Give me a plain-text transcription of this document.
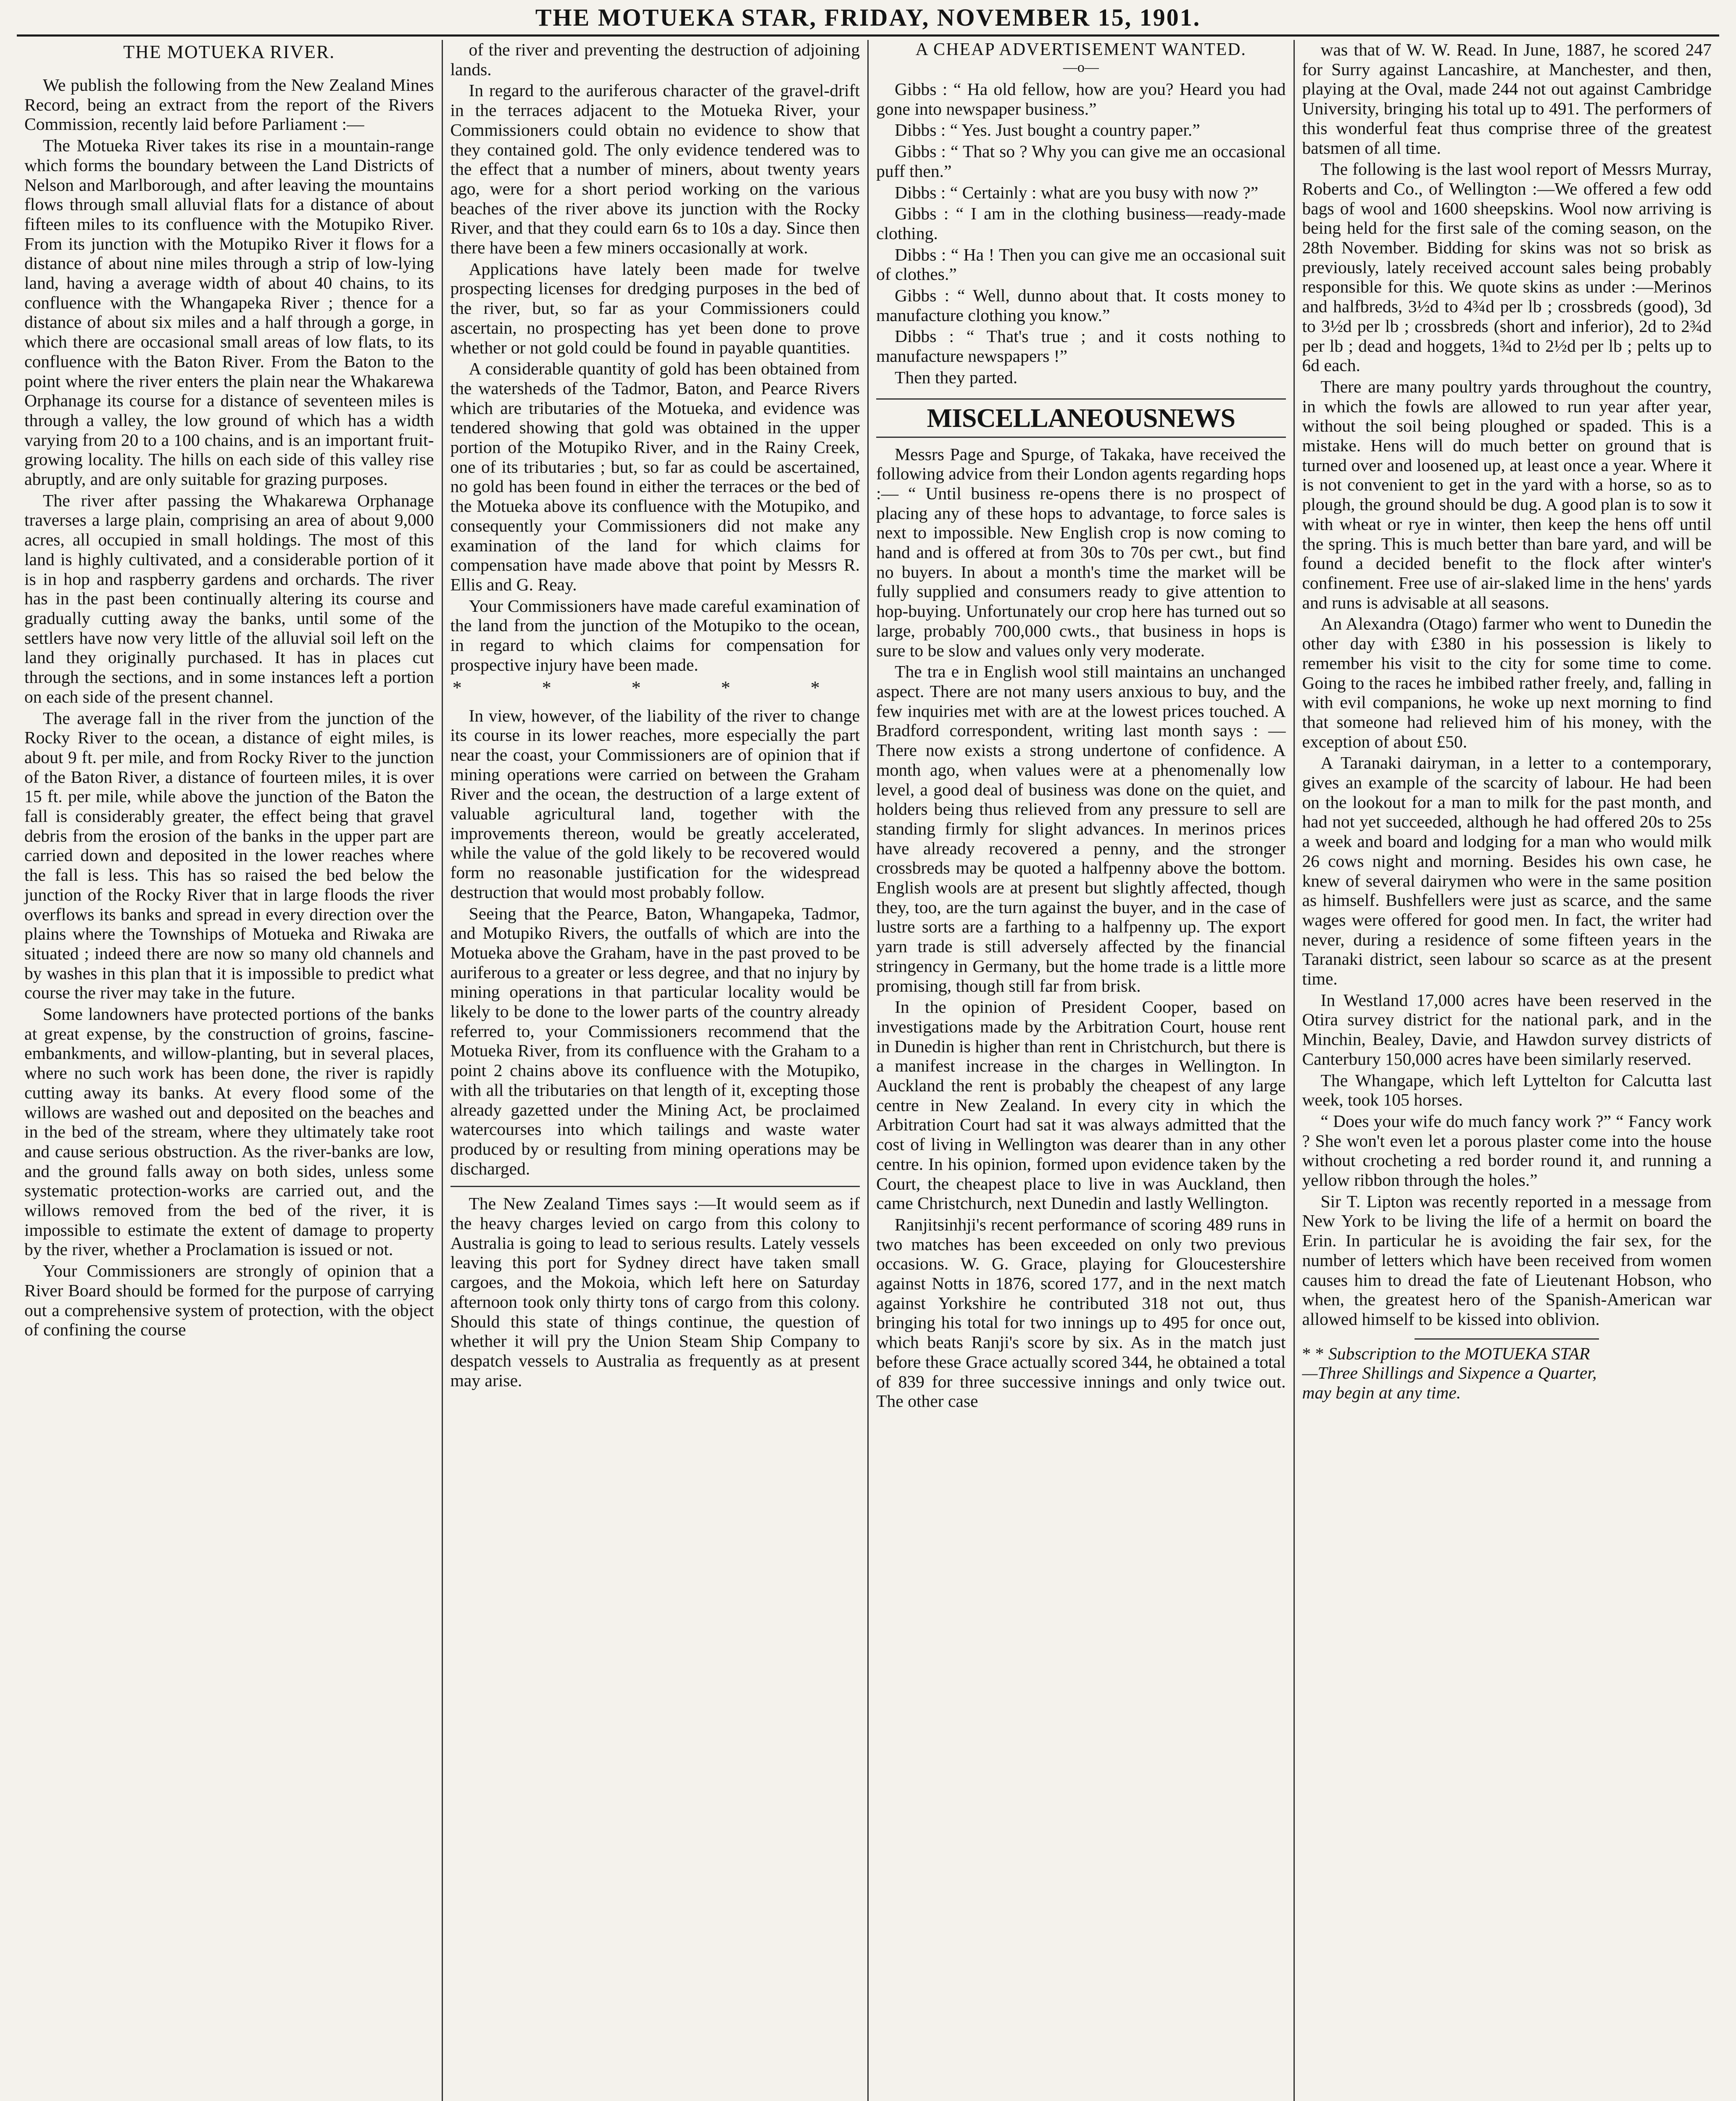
THE MOTUEKA STAR, FRIDAY, NOVEMBER 15, 1901.
THE MOTUEKA RIVER.

We publish the following from the New Zealand Mines Record, being an extract from the report of the Rivers Commission, recently laid before Parliament :—

The Motueka River takes its rise in a mountain-range which forms the boundary between the Land Districts of Nelson and Marlborough, and after leaving the mountains flows through small alluvial flats for a distance of about fifteen miles to its confluence with the Motupiko River. From its junction with the Motupiko River it flows for a distance of about nine miles through a strip of low-lying land, having a average width of about 40 chains, to its confluence with the Whangapeka River ; thence for a distance of about six miles and a half through a gorge, in which there are occasional small areas of low flats, to its confluence with the Baton River. From the Baton to the point where the river enters the plain near the Whakarewa Orphanage its course for a distance of seventeen miles is through a valley, the low ground of which has a width varying from 20 to a 100 chains, and is an important fruit-growing locality. The hills on each side of this valley rise abruptly, and are only suitable for grazing purposes.

The river after passing the Whakarewa Orphanage traverses a large plain, comprising an area of about 9,000 acres, all occupied in small holdings. The most of this land is highly cultivated, and a considerable portion of it is in hop and raspberry gardens and orchards. The river has in the past been continually altering its course and gradually cutting away the banks, until some of the settlers have now very little of the alluvial soil left on the land they originally purchased. It has in places cut through the sections, and in some instances left a portion on each side of the present channel.

The average fall in the river from the junction of the Rocky River to the ocean, a distance of eight miles, is about 9 ft. per mile, and from Rocky River to the junction of the Baton River, a distance of fourteen miles, it is over 15 ft. per mile, while above the junction of the Baton the fall is considerably greater, the effect being that gravel debris from the erosion of the banks in the upper part are carried down and deposited in the lower reaches where the fall is less. This has so raised the bed below the junction of the Rocky River that in large floods the river overflows its banks and spread in every direction over the plains where the Townships of Motueka and Riwaka are situated ; indeed there are now so many old channels and by washes in this plan that it is impossible to predict what course the river may take in the future.

Some landowners have protected portions of the banks at great expense, by the construction of groins, fascine-embankments, and willow-planting, but in several places, where no such work has been done, the river is rapidly cutting away its banks. At every flood some of the willows are washed out and deposited on the beaches and in the bed of the stream, where they ultimately take root and cause serious obstruction. As the river-banks are low, and the ground falls away on both sides, unless some systematic protection-works are carried out, and the willows removed from the bed of the river, it is impossible to estimate the extent of damage to property by the river, whether a Proclamation is issued or not.

Your Commissioners are strongly of opinion that a River Board should be formed for the purpose of carrying out a comprehensive system of protection, with the object of confining the course

of the river and preventing the destruction of adjoining lands.

In regard to the auriferous character of the gravel-drift in the terraces adjacent to the Motueka River, your Commissioners could obtain no evidence to show that they contained gold. The only evidence tendered was to the effect that a number of miners, about twenty years ago, were for a short period working on the various beaches of the river above its junction with the Rocky River, and that they could earn 6s to 10s a day. Since then there have been a few miners occasionally at work.

Applications have lately been made for twelve prospecting licenses for dredging purposes in the bed of the river, but, so far as your Commissioners could ascertain, no prospecting has yet been done to prove whether or not gold could be found in payable quantities.

A considerable quantity of gold has been obtained from the watersheds of the Tadmor, Baton, and Pearce Rivers which are tributaries of the Motueka, and evidence was tendered showing that gold was obtained in the upper portion of the Motupiko River, and in the Rainy Creek, one of its tributaries ; but, so far as could be ascertained, no gold has been found in either the terraces or the bed of the Motueka above its confluence with the Motupiko, and consequently your Commissioners did not make any examination of the land for which claims for compensation have made above that point by Messrs R. Ellis and G. Reay.

Your Commissioners have made careful examination of the land from the junction of the Motupiko to the ocean, in regard to which claims for compensation for prospective injury have been made.

* * * * *

In view, however, of the liability of the river to change its course in its lower reaches, more especially the part near the coast, your Commissioners are of opinion that if mining operations were carried on between the Graham River and the ocean, the destruction of a large extent of valuable agricultural land, together with the improvements thereon, would be greatly accelerated, while the value of the gold likely to be recovered would form no reasonable justification for the widespread destruction that would most probably follow.

Seeing that the Pearce, Baton, Whangapeka, Tadmor, and Motupiko Rivers, the outfalls of which are into the Motueka above the Graham, have in the past proved to be auriferous to a greater or less degree, and that no injury by mining operations in that particular locality would be likely to be done to the lower parts of the country already referred to, your Commissioners recommend that the Motueka River, from its confluence with the Graham to a point 2 chains above its confluence with the Motupiko, with all the tributaries on that length of it, excepting those already gazetted under the Mining Act, be proclaimed watercourses into which tailings and waste water produced by or resulting from mining operations may be discharged.

The New Zealand Times says :—It would seem as if the heavy charges levied on cargo from this colony to Australia is going to lead to serious results. Lately vessels leaving this port for Sydney direct have taken small cargoes, and the Mokoia, which left here on Saturday afternoon took only thirty tons of cargo from this colony. Should this state of things continue, the question of whether it will pry the Union Steam Ship Company to despatch vessels to Australia as frequently as at present may arise.

A CHEAP ADVERTISEMENT WANTED.
—o—

Gibbs : “ Ha old fellow, how are you? Heard you had gone into newspaper business.”

Dibbs : “ Yes. Just bought a country paper.”

Gibbs : “ That so ? Why you can give me an occasional puff then.”

Dibbs : “ Certainly : what are you busy with now ?”

Gibbs : “ I am in the clothing business—ready-made clothing.

Dibbs : “ Ha ! Then you can give me an occasional suit of clothes.”

Gibbs : “ Well, dunno about that. It costs money to manufacture clothing you know.”

Dibbs : “ That's true ; and it costs nothing to manufacture newspapers !”

Then they parted.

MISCELLANEOUSNEWS

Messrs Page and Spurge, of Takaka, have received the following advice from their London agents regarding hops :— “ Until business re-opens there is no prospect of placing any of these hops to advantage, to force sales is next to impossible. New English crop is now coming to hand and is offered at from 30s to 70s per cwt., but find no buyers. In about a month's time the market will be fully supplied and consumers ready to give attention to hop-buying. Unfortunately our crop here has turned out so large, probably 700,000 cwts., that business in hops is sure to be slow and values only very moderate.

The tra e in English wool still maintains an unchanged aspect. There are not many users anxious to buy, and the few inquiries met with are at the lowest prices touched. A Bradford correspondent, writing last month says : —There now exists a strong undertone of confidence. A month ago, when values were at a phenomenally low level, a good deal of business was done on the quiet, and holders being thus relieved from any pressure to sell are standing firmly for slight advances. In merinos prices have already recovered a penny, and the stronger crossbreds may be quoted a halfpenny above the bottom. English wools are at present but slightly affected, though they, too, are the turn against the buyer, and in the case of lustre sorts are a farthing to a halfpenny up. The export yarn trade is still adversely affected by the financial stringency in Germany, but the home trade is a little more promising, though still far from brisk.

In the opinion of President Cooper, based on investigations made by the Arbitration Court, house rent in Dunedin is higher than rent in Christchurch, but there is a manifest increase in the charges in Wellington. In Auckland the rent is probably the cheapest of any large centre in New Zealand. In every city in which the Arbitration Court had sat it was always admitted that the cost of living in Wellington was dearer than in any other centre. In his opinion, formed upon evidence taken by the Court, the cheapest place to live in was Auckland, then came Christchurch, next Dunedin and lastly Wellington.

Ranjitsinhji's recent performance of scoring 489 runs in two matches has been exceeded on only two previous occasions. W. G. Grace, playing for Gloucestershire against Notts in 1876, scored 177, and in the next match against Yorkshire he contributed 318 not out, thus bringing his total for two innings up to 495 for once out, which beats Ranji's score by six. As in the match just before these Grace actually scored 344, he obtained a total of 839 for three successive innings and only twice out. The other case

was that of W. W. Read. In June, 1887, he scored 247 for Surry against Lancashire, at Manchester, and then, playing at the Oval, made 244 not out against Cambridge University, bringing his total up to 491. The performers of this wonderful feat thus comprise three of the greatest batsmen of all time.

The following is the last wool report of Messrs Murray, Roberts and Co., of Wellington :—We offered a few odd bags of wool and 1600 sheepskins. Wool now arriving is being held for the first sale of the coming season, on the 28th November. Bidding for skins was not so brisk as previously, lately received account sales being probably responsible for this. We quote skins as under :—Merinos and halfbreds, 3½d to 4¾d per lb ; crossbreds (good), 3d to 3½d per lb ; crossbreds (short and inferior), 2d to 2¾d per lb ; dead and hoggets, 1¾d to 2½d per lb ; pelts up to 6d each.

There are many poultry yards throughout the country, in which the fowls are allowed to run year after year, without the soil being ploughed or spaded. This is a mistake. Hens will do much better on ground that is turned over and loosened up, at least once a year. Where it is not convenient to get in the yard with a horse, so as to plough, the ground should be dug. A good plan is to sow it with wheat or rye in winter, then keep the hens off until the spring. This is much better than bare yard, and will be found a decided benefit to the flock after winter's confinement. Free use of air-slaked lime in the hens' yards and runs is advisable at all seasons.

An Alexandra (Otago) farmer who went to Dunedin the other day with £380 in his possession is likely to remember his visit to the city for some time to come. Going to the races he imbibed rather freely, and, falling in with evil companions, he woke up next morning to find that someone had relieved him of his money, with the exception of about £50.

A Taranaki dairyman, in a letter to a contemporary, gives an example of the scarcity of labour. He had been on the lookout for a man to milk for the past month, and had not yet succeeded, although he had offered 20s to 25s a week and board and lodging for a man who would milk 26 cows night and morning. Besides his own case, he knew of several dairymen who were in the same position as himself. Bushfellers were just as scarce, and the same wages were offered for good men. In fact, the writer had never, during a residence of some fifteen years in the Taranaki district, seen labour so scarce as at the present time.

In Westland 17,000 acres have been reserved in the Otira survey district for the national park, and in the Minchin, Bealey, Davie, and Hawdon survey districts of Canterbury 150,000 acres have been similarly reserved.

The Whangape, which left Lyttelton for Calcutta last week, took 105 horses.

“ Does your wife do much fancy work ?” “ Fancy work ? She won't even let a porous plaster come into the house without crocheting a red border round it, and running a yellow ribbon through the holes.”

Sir T. Lipton was recently reported in a message from New York to be living the life of a hermit on board the Erin. In particular he is avoiding the fair sex, for the number of letters which have been received from women causes him to dread the fate of Lieutenant Hobson, who when, the greatest hero of the Spanish-American war allowed himself to be kissed into oblivion.

* * Subscription to the MOTUEKA STAR

—Three Shillings and Sixpence a Quarter,

may begin at any time.
